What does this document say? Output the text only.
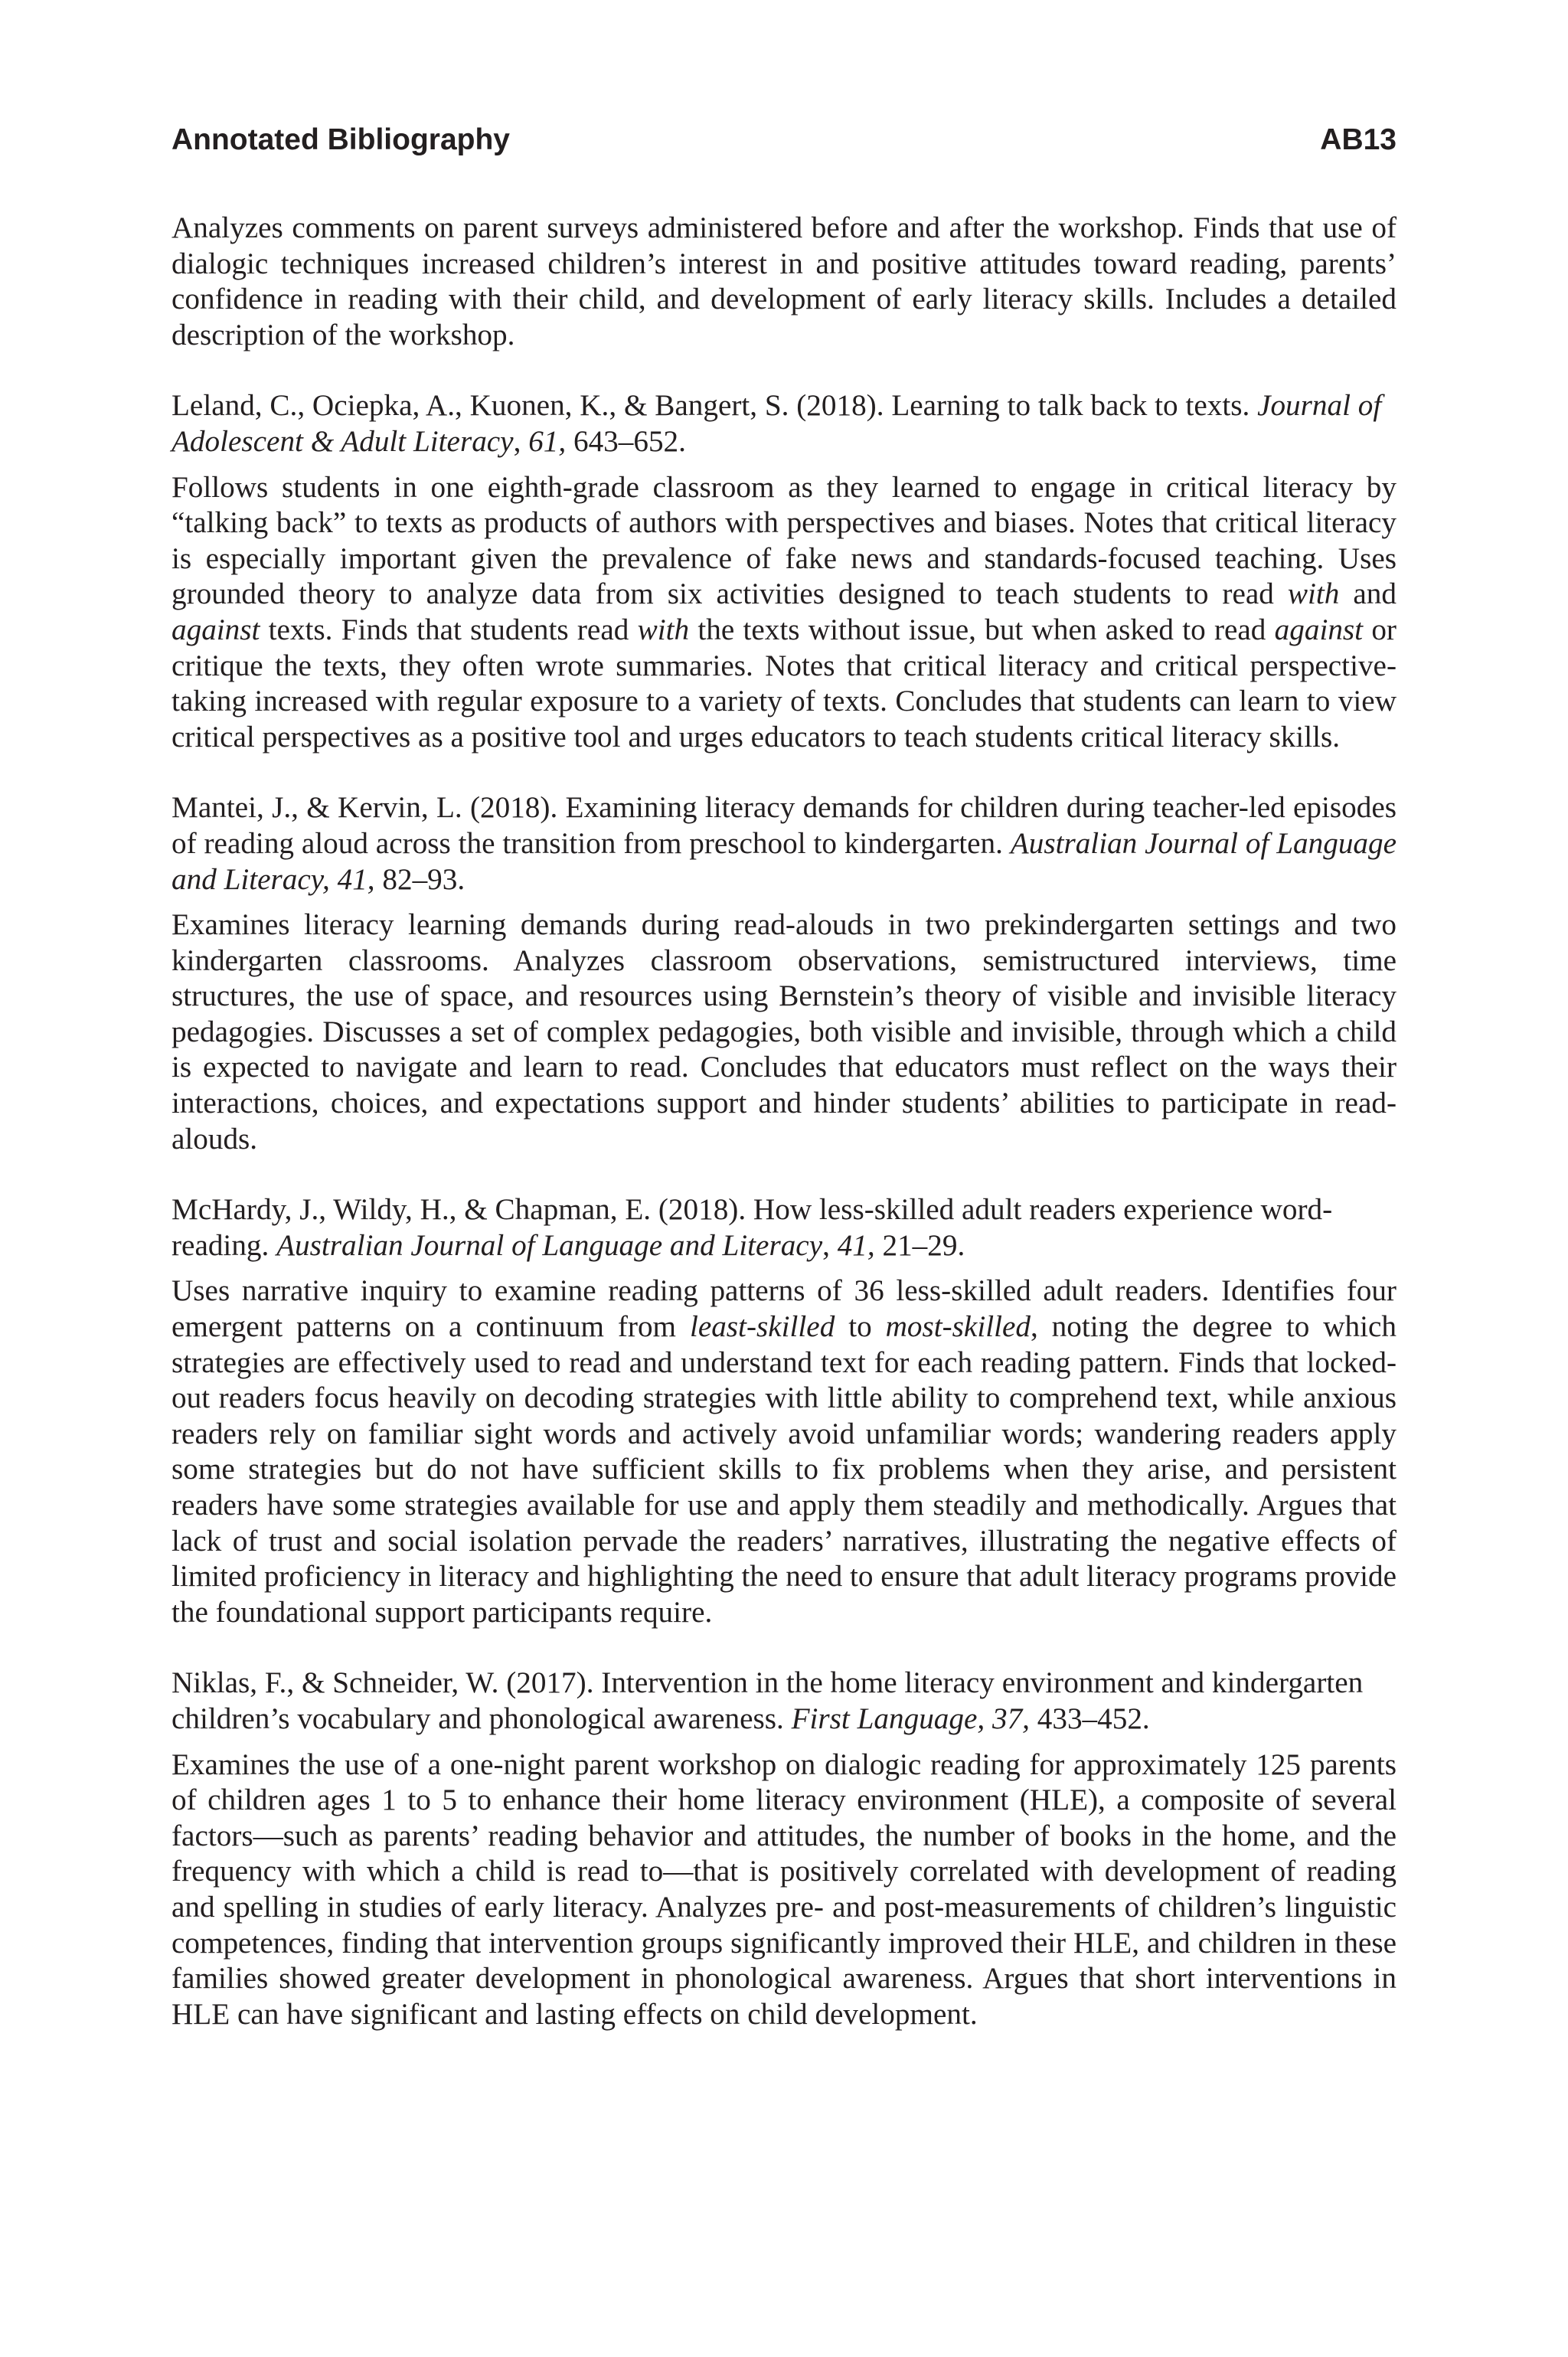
Annotated Bibliography	AB13

Analyzes comments on parent surveys administered before and after the workshop. Finds that use of dialogic techniques increased children’s interest in and positive attitudes toward reading, parents’ confidence in reading with their child, and development of early literacy skills. Includes a detailed description of the workshop.

Leland, C., Ociepka, A., Kuonen, K., & Bangert, S. (2018). Learning to talk back to texts. Journal of Adolescent & Adult Literacy, 61, 643–652.

Follows students in one eighth-grade classroom as they learned to engage in critical literacy by “talking back” to texts as products of authors with perspectives and biases. Notes that critical literacy is especially important given the prevalence of fake news and standards-focused teaching. Uses grounded theory to analyze data from six activities designed to teach students to read with and against texts. Finds that students read with the texts without issue, but when asked to read against or critique the texts, they often wrote summaries. Notes that critical literacy and critical perspective-taking increased with regular exposure to a variety of texts. Concludes that students can learn to view critical perspectives as a positive tool and urges educators to teach students critical literacy skills.

Mantei, J., & Kervin, L. (2018). Examining literacy demands for children during teacher-led episodes of reading aloud across the transition from preschool to kindergarten. Australian Journal of Language and Literacy, 41, 82–93.

Examines literacy learning demands during read-alouds in two prekindergarten settings and two kindergarten classrooms. Analyzes classroom observations, semistructured interviews, time structures, the use of space, and resources using Bernstein’s theory of visible and invisible literacy pedagogies. Discusses a set of complex pedagogies, both visible and invisible, through which a child is expected to navigate and learn to read. Concludes that educators must reflect on the ways their interactions, choices, and expectations support and hinder students’ abilities to participate in read-alouds.

McHardy, J., Wildy, H., & Chapman, E. (2018). How less-skilled adult readers experience word-reading. Australian Journal of Language and Literacy, 41, 21–29.

Uses narrative inquiry to examine reading patterns of 36 less-skilled adult readers. Identifies four emergent patterns on a continuum from least-skilled to most-skilled, noting the degree to which strategies are effectively used to read and understand text for each reading pattern. Finds that locked-out readers focus heavily on decoding strategies with little ability to comprehend text, while anxious readers rely on familiar sight words and actively avoid unfamiliar words; wandering readers apply some strategies but do not have sufficient skills to fix problems when they arise, and persistent readers have some strategies available for use and apply them steadily and methodically. Argues that lack of trust and social isolation pervade the readers’ narratives, illustrating the negative effects of limited proficiency in literacy and highlighting the need to ensure that adult literacy programs provide the foundational support participants require.

Niklas, F., & Schneider, W. (2017). Intervention in the home literacy environment and kindergarten children’s vocabulary and phonological awareness. First Language, 37, 433–452.

Examines the use of a one-night parent workshop on dialogic reading for approximately 125 parents of children ages 1 to 5 to enhance their home literacy environment (HLE), a composite of several factors—such as parents’ reading behavior and attitudes, the number of books in the home, and the frequency with which a child is read to—that is positively correlated with development of reading and spelling in studies of early literacy. Analyzes pre- and post-measurements of children’s linguistic competences, finding that intervention groups significantly improved their HLE, and children in these families showed greater development in phonological awareness. Argues that short interventions in HLE can have significant and lasting effects on child development.
